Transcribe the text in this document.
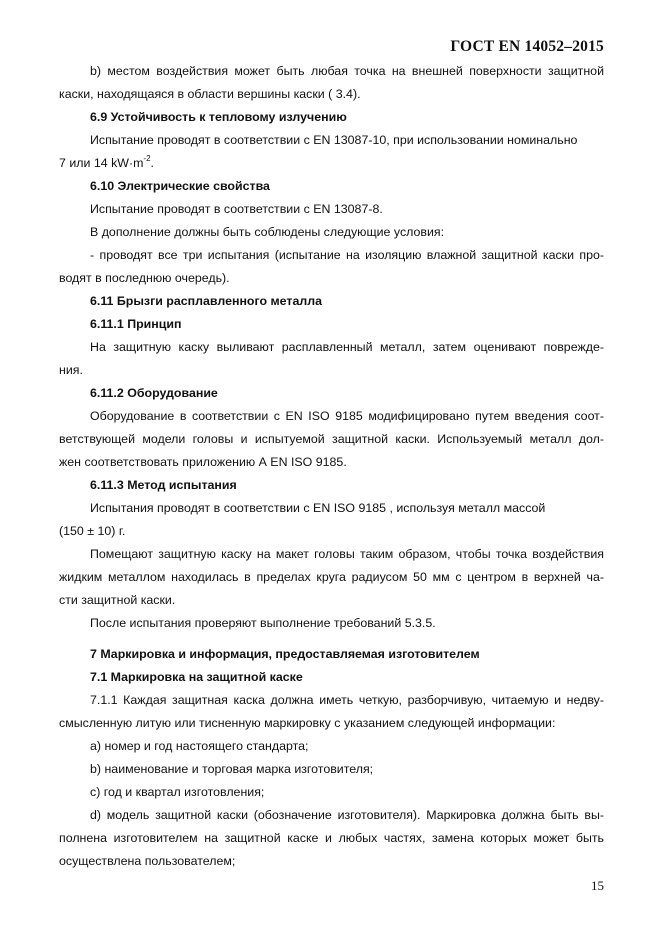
ГОСТ EN 14052–2015
b) местом воздействия может быть любая точка на внешней поверхности защитной
каски, находящаяся в области вершины каски ( 3.4).
6.9 Устойчивость к тепловому излучению
Испытание проводят в соответствии с EN 13087-10, при использовании номинально
7 или 14 $kW\cdot m^{-2}$.
6.10 Электрические свойства
Испытание проводят в соответствии с EN 13087-8.
В дополнение должны быть соблюдены следующие условия:
- проводят все три испытания (испытание на изоляцию влажной защитной каски про-
водят в последнюю очередь).
6.11 Брызги расплавленного металла
6.11.1 Принцип
На защитную каску выливают расплавленный металл, затем оценивают поврежде-
ния.
6.11.2 Оборудование
Оборудование в соответствии с EN ISO 9185 модифицировано путем введения соот-
ветствующей модели головы и испытуемой защитной каски. Используемый металл дол-
жен соответствовать приложению А EN ISO 9185.
6.11.3 Метод испытания
Испытания проводят в соответствии с EN ISO 9185 , используя металл массой
(150 ± 10) г.
Помещают защитную каску на макет головы таким образом, чтобы точка воздействия
жидким металлом находилась в пределах круга радиусом 50 мм с центром в верхней ча-
сти защитной каски.
После испытания проверяют выполнение требований 5.3.5.
7 Маркировка и информация, предоставляемая изготовителем
7.1 Маркировка на защитной каске
7.1.1 Каждая защитная каска должна иметь четкую, разборчивую, читаемую и недву-
смысленную литую или тисненную маркировку с указанием следующей информации:
а) номер и год настоящего стандарта;
b) наименование и торговая марка изготовителя;
c) год и квартал изготовления;
d) модель защитной каски (обозначение изготовителя). Маркировка должна быть вы-
полнена изготовителем на защитной каске и любых частях, замена которых может быть
осуществлена пользователем;
15
